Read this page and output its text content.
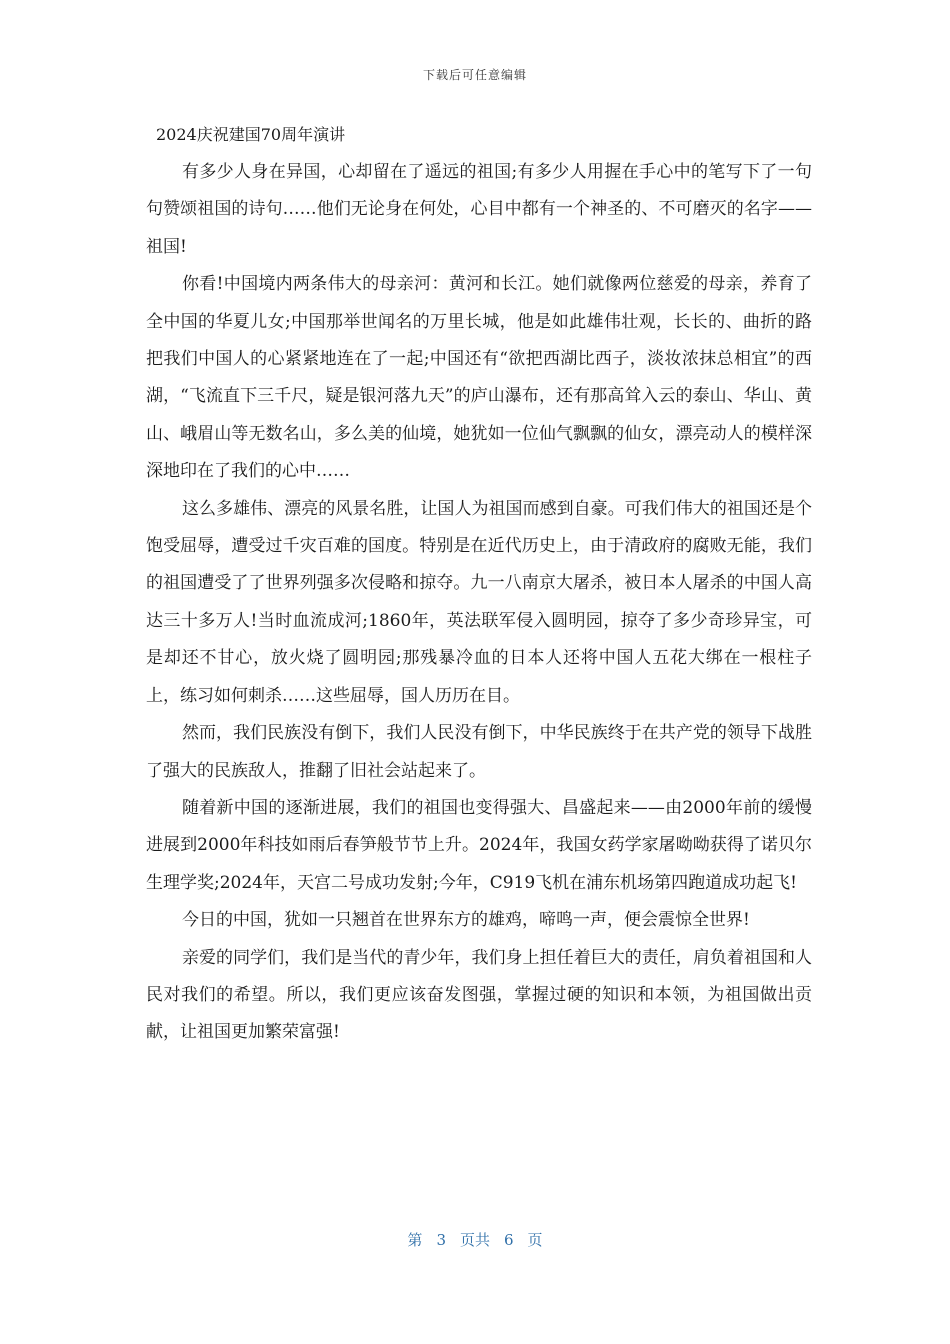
下载后可任意编辑

2024庆祝建国70周年演讲

有多少人身在异国，心却留在了遥远的祖国;有多少人用握在手心中的笔写下了一句句赞颂祖国的诗句……他们无论身在何处，心目中都有一个神圣的、不可磨灭的名字——祖国!

你看!中国境内两条伟大的母亲河：黄河和长江。她们就像两位慈爱的母亲，养育了全中国的华夏儿女;中国那举世闻名的万里长城，他是如此雄伟壮观，长长的、曲折的路把我们中国人的心紧紧地连在了一起;中国还有“欲把西湖比西子，淡妆浓抹总相宜”的西湖，“飞流直下三千尺，疑是银河落九天”的庐山瀑布，还有那高耸入云的泰山、华山、黄山、峨眉山等无数名山，多么美的仙境，她犹如一位仙气飘飘的仙女，漂亮动人的模样深深地印在了我们的心中……

这么多雄伟、漂亮的风景名胜，让国人为祖国而感到自豪。可我们伟大的祖国还是个饱受屈辱，遭受过千灾百难的国度。特别是在近代历史上，由于清政府的腐败无能，我们的祖国遭受了了世界列强多次侵略和掠夺。九一八南京大屠杀，被日本人屠杀的中国人高达三十多万人!当时血流成河;1860年，英法联军侵入圆明园，掠夺了多少奇珍异宝，可是却还不甘心，放火烧了圆明园;那残暴冷血的日本人还将中国人五花大绑在一根柱子上，练习如何刺杀……这些屈辱，国人历历在目。

然而，我们民族没有倒下，我们人民没有倒下，中华民族终于在共产党的领导下战胜了强大的民族敌人，推翻了旧社会站起来了。

随着新中国的逐渐进展，我们的祖国也变得强大、昌盛起来——由2000年前的缓慢进展到2000年科技如雨后春笋般节节上升。2024年，我国女药学家屠呦呦获得了诺贝尔生理学奖;2024年，天宫二号成功发射;今年，C919飞机在浦东机场第四跑道成功起飞!

今日的中国，犹如一只翘首在世界东方的雄鸡，啼鸣一声，便会震惊全世界!

亲爱的同学们，我们是当代的青少年，我们身上担任着巨大的责任，肩负着祖国和人民对我们的希望。所以，我们更应该奋发图强，掌握过硬的知识和本领，为祖国做出贡献，让祖国更加繁荣富强!

第 3 页共 6 页
